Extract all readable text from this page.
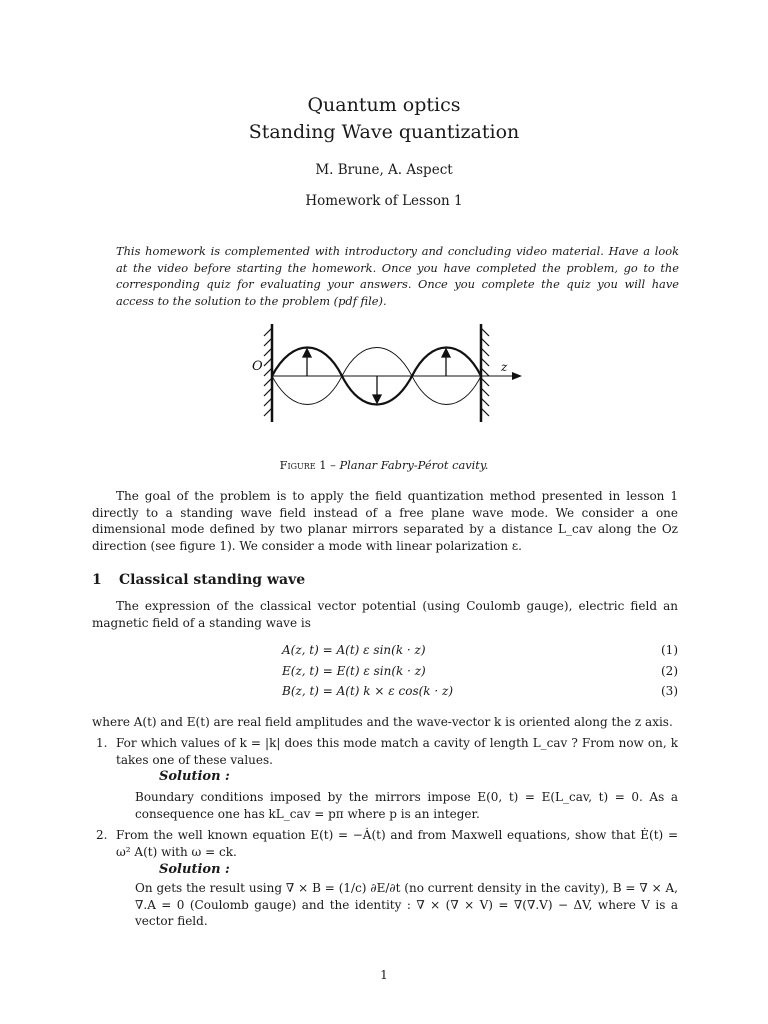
Quantum optics
Standing Wave quantization
M. Brune, A. Aspect
Homework of Lesson 1
This homework is complemented with introductory and concluding video material. Have a look at the video before starting the homework. Once you have completed the problem, go to the corresponding quiz for evaluating your answers. Once you complete the quiz you will have access to the solution to the problem (pdf file).
O	z
Figure 1 – Planar Fabry-Pérot cavity.
The goal of the problem is to apply the field quantization method presented in lesson 1 directly to a standing wave field instead of a free plane wave mode. We consider a one dimensional mode defined by two planar mirrors separated by a distance L_cav along the Oz direction (see figure 1). We consider a mode with linear polarization ε.
1 Classical standing wave
The expression of the classical vector potential (using Coulomb gauge), electric field an magnetic field of a standing wave is
A(z, t) = A(t) ε sin(k · z)	(1)
E(z, t) = E(t) ε sin(k · z)	(2)
B(z, t) = A(t) k × ε cos(k · z)	(3)
where A(t) and E(t) are real field amplitudes and the wave-vector k is oriented along the z axis.
1. For which values of k = |k| does this mode match a cavity of length L_cav ? From now on, k takes one of these values.
Solution :
Boundary conditions imposed by the mirrors impose E(0, t) = E(L_cav, t) = 0. As a consequence one has kL_cav = pπ where p is an integer.
2. From the well known equation E(t) = −Ȧ(t) and from Maxwell equations, show that Ė(t) = ω² A(t) with ω = ck.
Solution :
On gets the result using ∇ × B = (1/c) ∂E/∂t (no current density in the cavity), B = ∇ × A, ∇.A = 0 (Coulomb gauge) and the identity : ∇ × (∇ × V) = ∇(∇.V) − ΔV, where V is a vector field.
1
